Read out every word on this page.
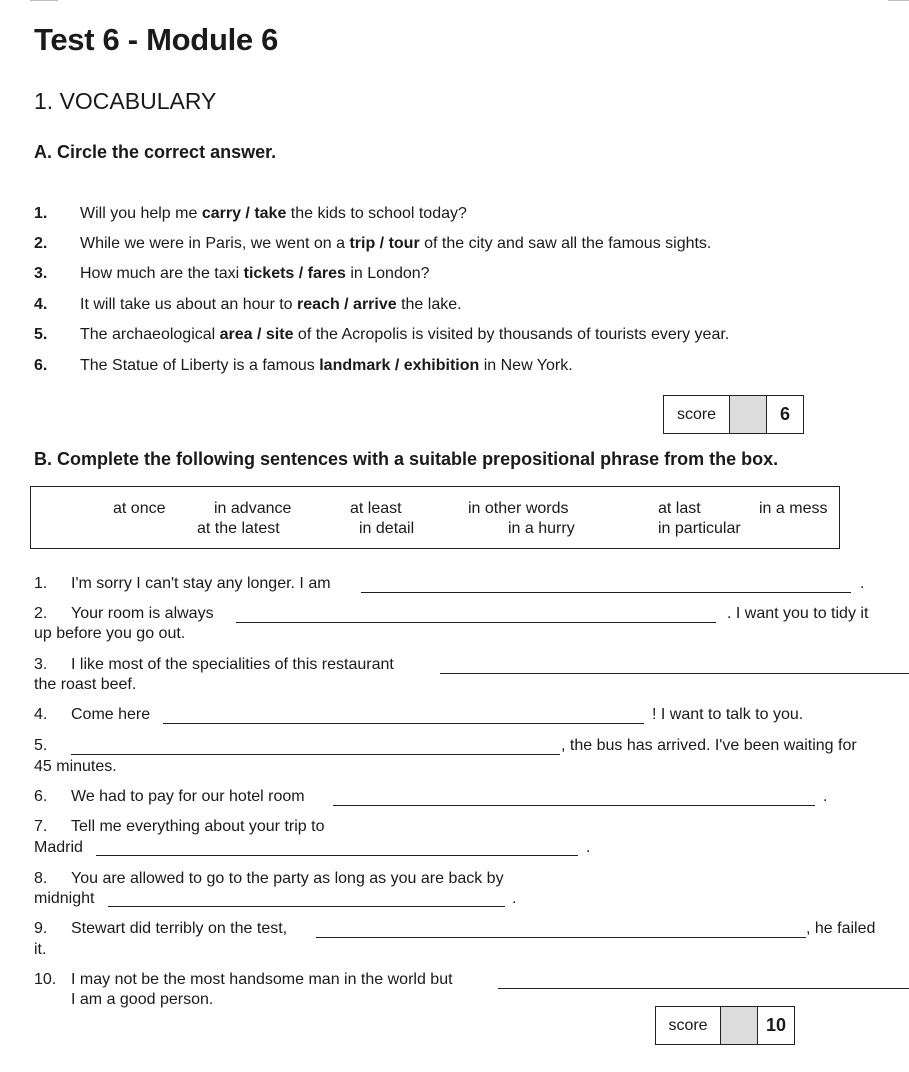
Test 6 - Module 6
1. VOCABULARY
A. Circle the correct answer.
1. Will you help me carry / take the kids to school today?
2. While we were in Paris, we went on a trip / tour of the city and saw all the famous sights.
3. How much are the taxi tickets / fares in London?
4. It will take us about an hour to reach / arrive the lake.
5. The archaeological area / site of the Acropolis is visited by thousands of tourists every year.
6. The Statue of Liberty is a famous landmark / exhibition in New York.
score	6
B. Complete the following sentences with a suitable prepositional phrase from the box.
at once	in advance	at least	in other words	at last	in a mess
at the latest	in detail	in a hurry	in particular
1. I'm sorry I can't stay any longer. I am	.
2. Your room is always	. I want you to tidy it
up before you go out.
3. I like most of the specialities of this restaurant
the roast beef.
4. Come here	! I want to talk to you.
5.	, the bus has arrived. I've been waiting for
45 minutes.
6. We had to pay for our hotel room	.
7. Tell me everything about your trip to
Madrid	.
8. You are allowed to go to the party as long as you are back by
midnight	.
9. Stewart did terribly on the test,	, he failed
it.
10. I may not be the most handsome man in the world but
I am a good person.
score	10
